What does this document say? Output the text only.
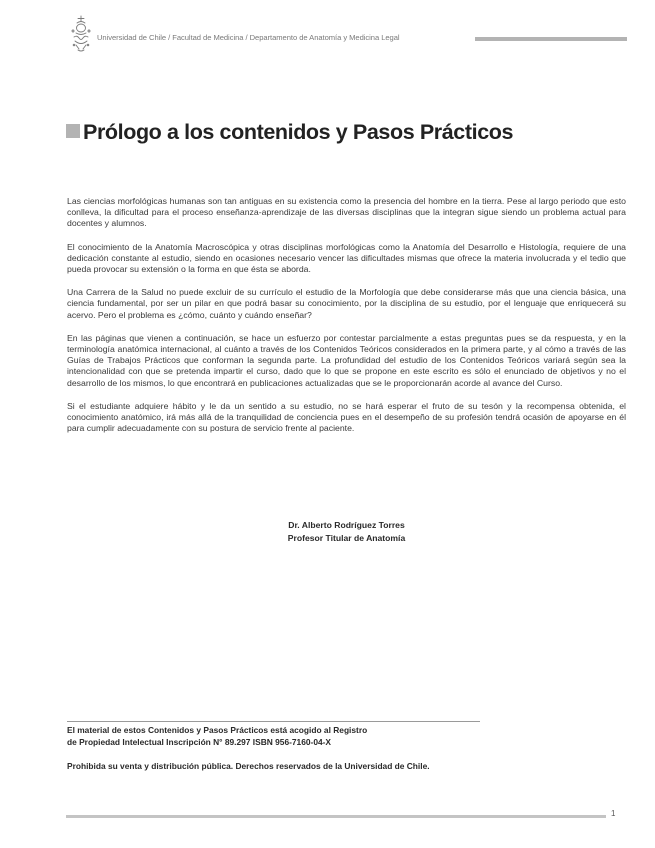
Universidad de Chile / Facultad de Medicina / Departamento de Anatomía y Medicina Legal
Prólogo a los contenidos y Pasos Prácticos

Las ciencias morfológicas humanas son tan antiguas en su existencia como la presencia del hombre en la tierra. Pese al largo periodo que esto conlleva, la dificultad para el proceso enseñanza-aprendizaje de las diversas disciplinas que la integran sigue siendo un problema actual para docentes y alumnos.

El conocimiento de la Anatomía Macroscópica y otras disciplinas morfológicas como la Anatomía del Desarrollo e Histología, requiere de una dedicación constante al estudio, siendo en ocasiones necesario vencer las dificultades mismas que ofrece la materia involucrada y el tedio que pueda provocar su extensión o la forma en que ésta se aborda.

Una Carrera de la Salud no puede excluir de su currículo el estudio de la Morfología que debe considerarse más que una ciencia básica, una ciencia fundamental, por ser un pilar en que podrá basar su conocimiento, por la disciplina de su estudio, por el lenguaje que enriquecerá su acervo. Pero el problema es ¿cómo, cuánto y cuándo enseñar?

En las páginas que vienen a continuación, se hace un esfuerzo por contestar parcialmente a estas preguntas pues se da respuesta, y en la terminología anatómica internacional, al cuánto a través de los Contenidos Teóricos considerados en la primera parte, y al cómo a través de las Guías de Trabajos Prácticos que conforman la segunda parte. La profundidad del estudio de los Contenidos Teóricos variará según sea la intencionalidad con que se pretenda impartir el curso, dado que lo que se propone en este escrito es sólo el enunciado de objetivos y no el desarrollo de los mismos, lo que encontrará en publicaciones actualizadas que se le proporcionarán acorde al avance del Curso.

Si el estudiante adquiere hábito y le da un sentido a su estudio, no se hará esperar el fruto de su tesón y la recompensa obtenida, el conocimiento anatómico, irá más allá de la tranquilidad de conciencia pues en el desempeño de su profesión tendrá ocasión de apoyarse en él para cumplir adecuadamente con su postura de servicio frente al paciente.

Dr. Alberto Rodríguez Torres
Profesor Titular de Anatomía
El material de estos Contenidos y Pasos Prácticos está acogido al Registro
de Propiedad Intelectual Inscripción N° 89.297 ISBN 956-7160-04-X
Prohibida su venta y distribución pública. Derechos reservados de la Universidad de Chile.
1
